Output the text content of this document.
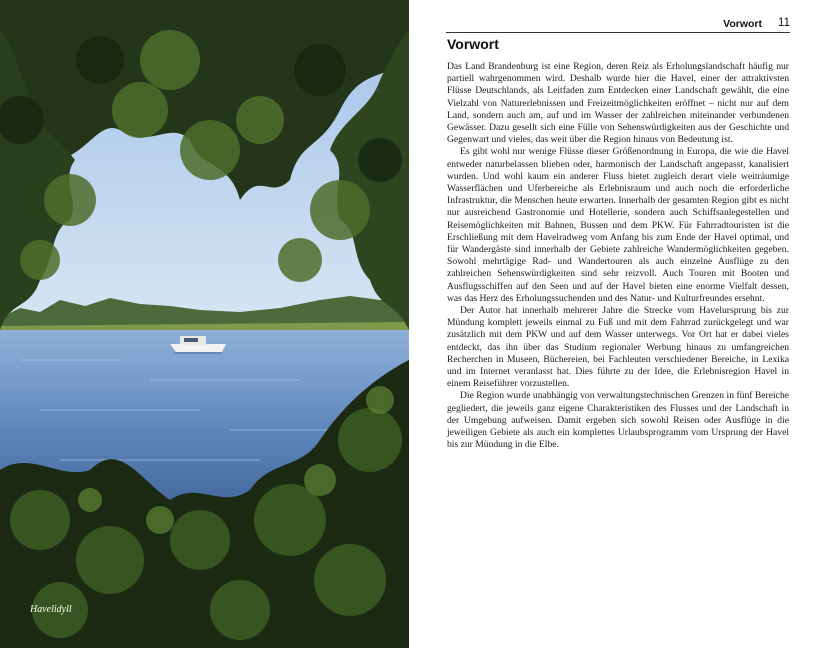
Havelidyll
Vorwort 11
Vorwort

Das Land Brandenburg ist eine Region, deren Reiz als Erholungslandschaft häufig nur partiell wahrgenommen wird. Deshalb wurde hier die Havel, einer der attraktivsten Flüsse Deutschlands, als Leitfaden zum Entdecken einer Landschaft gewählt, die eine Vielzahl von Naturerlebnissen und Freizeitmöglichkeiten eröffnet – nicht nur auf dem Land, sondern auch am, auf und im Wasser der zahlreichen miteinander verbundenen Gewässer. Dazu gesellt sich eine Fülle von Sehenswürdigkeiten aus der Geschichte und Gegenwart und vieles, das weit über die Region hinaus von Bedeutung ist.

Es gibt wohl nur wenige Flüsse dieser Größenordnung in Europa, die wie die Havel entweder naturbelassen blieben oder, harmonisch der Landschaft angepasst, kanalisiert wurden. Und wohl kaum ein anderer Fluss bietet zugleich derart viele weiträumige Wasserflächen und Uferbereiche als Erlebnisraum und auch noch die erforderliche Infrastruktur, die Menschen heute erwarten. Innerhalb der gesamten Region gibt es nicht nur ausreichend Gastronomie und Hotellerie, sondern auch Schiffsanlegestellen und Reisemöglichkeiten mit Bahnen, Bussen und dem PKW. Für Fahrradtouristen ist die Erschließung mit dem Havelradweg vom Anfang bis zum Ende der Havel optimal, und für Wandergäste sind innerhalb der Gebiete zahlreiche Wandermöglichkeiten gegeben. Sowohl mehrtägige Rad- und Wandertouren als auch einzelne Ausflüge zu den zahlreichen Sehenswürdigkeiten sind sehr reizvoll. Auch Touren mit Booten und Ausflugsschiffen auf den Seen und auf der Havel bieten eine enorme Vielfalt dessen, was das Herz des Erholungssuchenden und des Natur- und Kulturfreundes ersehnt.

Der Autor hat innerhalb mehrerer Jahre die Strecke vom Havelursprung bis zur Mündung komplett jeweils einmal zu Fuß und mit dem Fahrrad zurückgelegt und war zusätzlich mit dem PKW und auf dem Wasser unterwegs. Vor Ort hat er dabei vieles entdeckt, das ihn über das Studium regionaler Werbung hinaus zu umfangreichen Recherchen in Museen, Büchereien, bei Fachleuten verschiedener Bereiche, in Lexika und im Internet veranlasst hat. Dies führte zu der Idee, die Erlebnisregion Havel in einem Reiseführer vorzustellen.

Die Region wurde unabhängig von verwaltungstechnischen Grenzen in fünf Bereiche gegliedert, die jeweils ganz eigene Charakteristiken des Flusses und der Landschaft in der Umgebung aufweisen. Damit ergeben sich sowohl Reisen oder Ausflüge in die jeweiligen Gebiete als auch ein komplettes Urlaubsprogramm vom Ursprung der Havel bis zur Mündung in die Elbe.
